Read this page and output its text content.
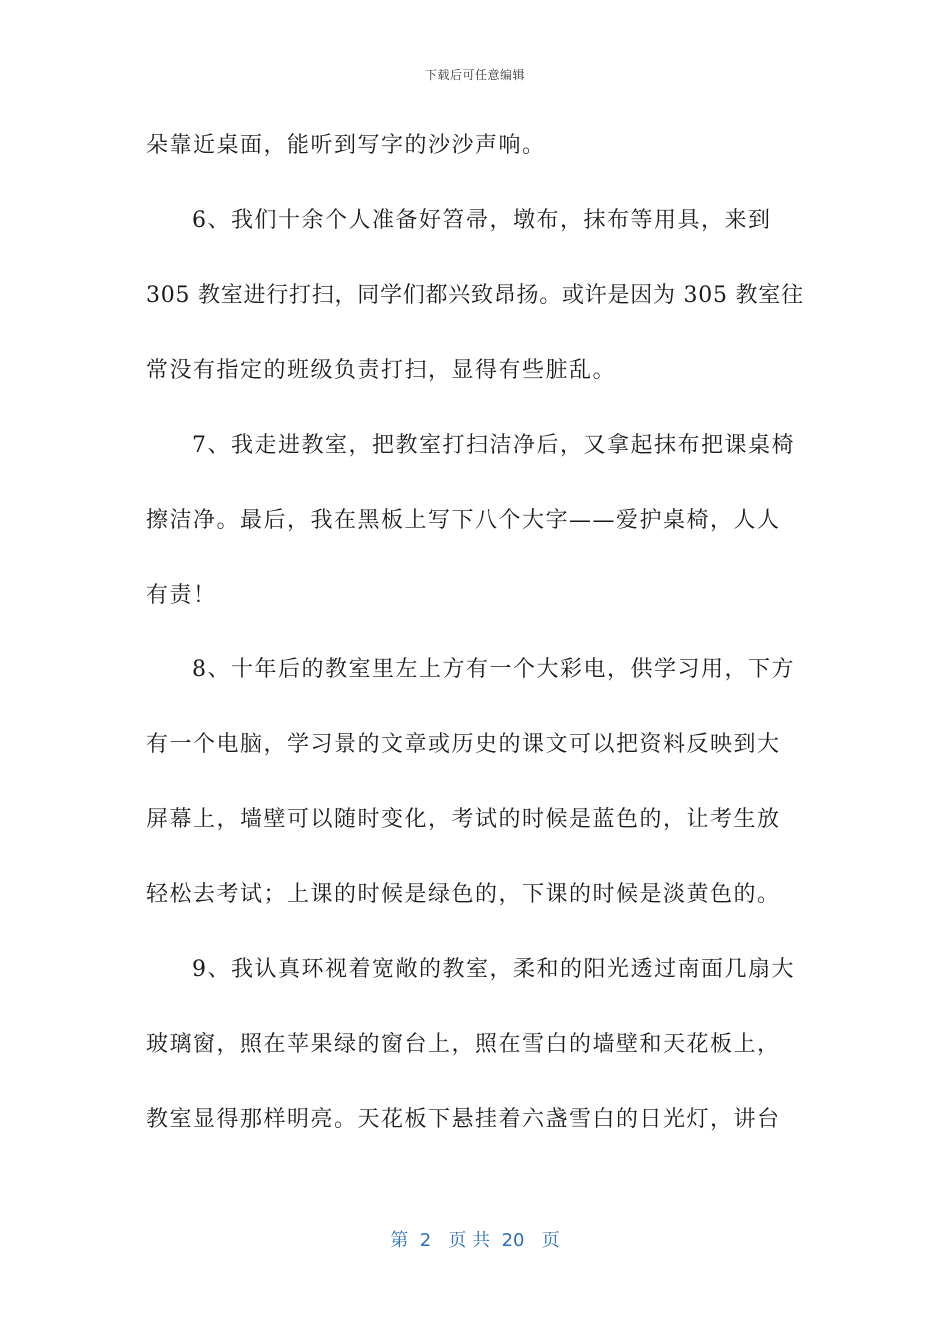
下载后可任意编辑
朵靠近桌面，能听到写字的沙沙声响。
6、我们十余个人准备好笤帚，墩布，抹布等用具，来到
305 教室进行打扫，同学们都兴致昂扬。或许是因为 305 教室往
常没有指定的班级负责打扫，显得有些脏乱。
7、我走进教室，把教室打扫洁净后，又拿起抹布把课桌椅
擦洁净。最后，我在黑板上写下八个大字——爱护桌椅，人人
有责！
8、十年后的教室里左上方有一个大彩电，供学习用，下方
有一个电脑，学习景的文章或历史的课文可以把资料反映到大
屏幕上，墙壁可以随时变化，考试的时候是蓝色的，让考生放
轻松去考试；上课的时候是绿色的，下课的时候是淡黄色的。
9、我认真环视着宽敞的教室，柔和的阳光透过南面几扇大
玻璃窗，照在苹果绿的窗台上，照在雪白的墙壁和天花板上，
教室显得那样明亮。天花板下悬挂着六盏雪白的日光灯，讲台
第  2   页 共  20   页
